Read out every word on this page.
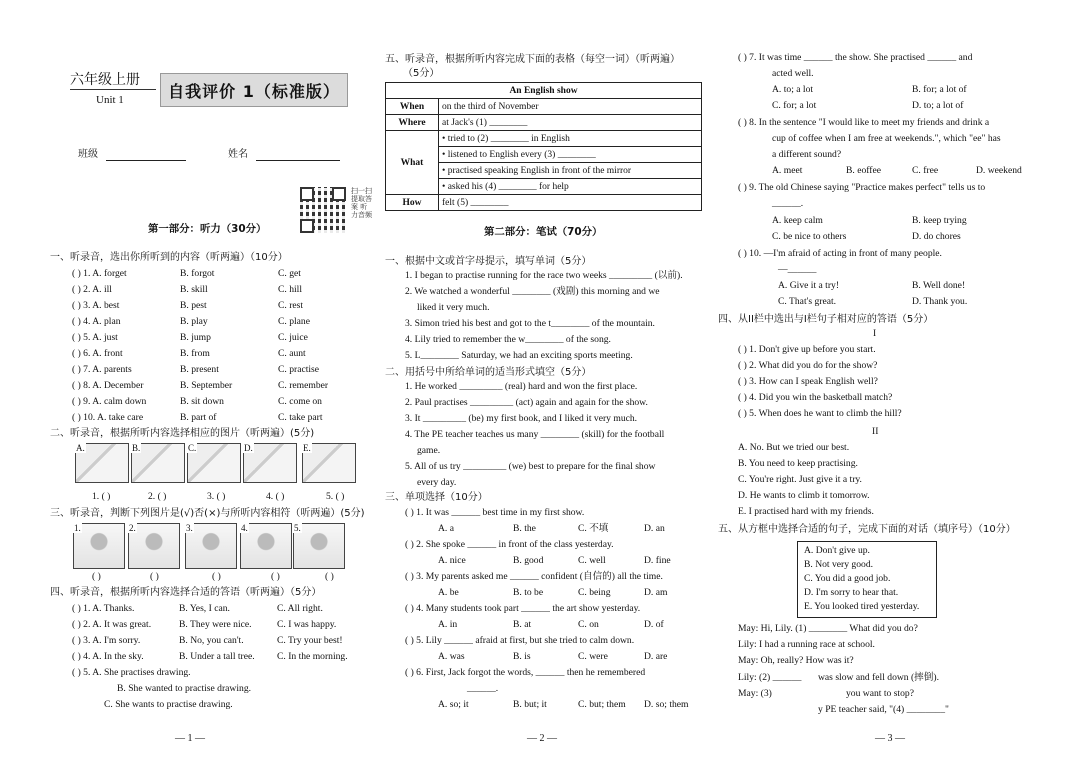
六年级上册
Unit 1	自我评价 1（标准版）
班级	姓名
扫一扫 提取答案 听力音频
第一部分：听力（30分）
一、听录音，选出你所听到的内容（听两遍）（10分）
( ) 1. A. forget	B. forgot	C. get
( ) 2. A. ill	B. skill	C. hill
( ) 3. A. best	B. pest	C. rest
( ) 4. A. plan	B. play	C. plane
( ) 5. A. just	B. jump	C. juice
( ) 6. A. front	B. from	C. aunt
( ) 7. A. parents	B. present	C. practise
( ) 8. A. December	B. September	C. remember
( ) 9. A. calm down	B. sit down	C. come on
( ) 10. A. take care	B. part of	C. take part
二、听录音，根据所听内容选择相应的图片（听两遍）(5分)
A.	B.	C.	D.	E.
1. ( )	2. ( )	3. ( )	4. ( )	5. ( )
三、听录音，判断下列图片是(√)否(×)与所听内容相符（听两遍）(5分)
1.	2.	3.	4.	5.
( )	( )	( )	( )	( )
四、听录音，根据所听内容选择合适的答语（听两遍）（5分）
( ) 1. A. Thanks.	B. Yes, I can.	C. All right.
( ) 2. A. It was great.	B. They were nice.	C. I was happy.
( ) 3. A. I'm sorry.	B. No, you can't.	C. Try your best!
( ) 4. A. In the sky.	B. Under a tall tree. C. In the morning.
( ) 5. A. She practises drawing.
B. She wanted to practise drawing.
C. She wants to practise drawing.
— 1 —
五、听录音，根据所听内容完成下面的表格（每空一词）（听两遍）
（5分）
An English show	
When	on the third of November
Where	at Jack's (1) ________
What	• tried to (2) ________ in English
	• listened to English every (3) ________
	• practised speaking English in front of the mirror
	• asked his (4) ________ for help
How	felt (5) ________
第二部分：笔试（70分）
一、根据中文或首字母提示，填写单词（5分）
1. I began to practise running for the race two weeks _________ (以前).
2. We watched a wonderful ________ (戏剧) this morning and we
liked it very much.
3. Simon tried his best and got to the t________ of the mountain.
4. Lily tried to remember the w________ of the song.
5. L________ Saturday, we had an exciting sports meeting.
二、用括号中所给单词的适当形式填空（5分）
1. He worked _________ (real) hard and won the first place.
2. Paul practises _________ (act) again and again for the show.
3. It _________ (be) my first book, and I liked it very much.
4. The PE teacher teaches us many ________ (skill) for the football
game.
5. All of us try _________ (we) best to prepare for the final show
every day.
三、单项选择（10分）
( ) 1. It was ______ best time in my first show.
A. a	B. the	C. 不填	D. an
( ) 2. She spoke ______ in front of the class yesterday.
A. nice	B. good	C. well	D. fine
( ) 3. My parents asked me ______ confident (自信的) all the time.
A. be	B. to be	C. being	D. am
( ) 4. Many students took part ______ the art show yesterday.
A. in	B. at	C. on	D. of
( ) 5. Lily ______ afraid at first, but she tried to calm down.
A. was	B. is	C. were	D. are
( ) 6. First, Jack forgot the words, ______ then he remembered
______.
A. so; it	B. but; it	C. but; them D. so; them
— 2 —
( ) 7. It was time ______ the show. She practised ______ and
acted well.
A. to; a lot	B. for; a lot of
C. for; a lot	D. to; a lot of
( ) 8. In the sentence "I would like to meet my friends and drink a
cup of coffee when I am free at weekends.", which "ee" has
a different sound?
A. meet	B. eoffee	C. free	D. weekend
( ) 9. The old Chinese saying "Practice makes perfect" tells us to
______.
A. keep calm	B. keep trying
C. be nice to others	D. do chores
( ) 10. —I'm afraid of acting in front of many people.
—______
A. Give it a try!	B. Well done!
C. That's great.	D. Thank you.
四、从II栏中选出与I栏句子相对应的答语（5分）
I
( ) 1. Don't give up before you start.
( ) 2. What did you do for the show?
( ) 3. How can I speak English well?
( ) 4. Did you win the basketball match?
( ) 5. When does he want to climb the hill?
II
A. No. But we tried our best.
B. You need to keep practising.
C. You're right. Just give it a try.
D. He wants to climb it tomorrow.
E. I practised hard with my friends.
五、从方框中选择合适的句子，完成下面的对话（填序号）（10分）
May: Hi, Lily. (1) ________ What did you do?
Lily: I had a running race at school.
May: Oh, really? How was it?
Lily: (2) ______ was slow and fell down (摔倒).
May: (3)	you want to stop?
y PE teacher said, "(4) ________"
A. Don't give up.
B. Not very good.
C. You did a good job.
D. I'm sorry to hear that.
E. You looked tired yesterday.
— 3 —
